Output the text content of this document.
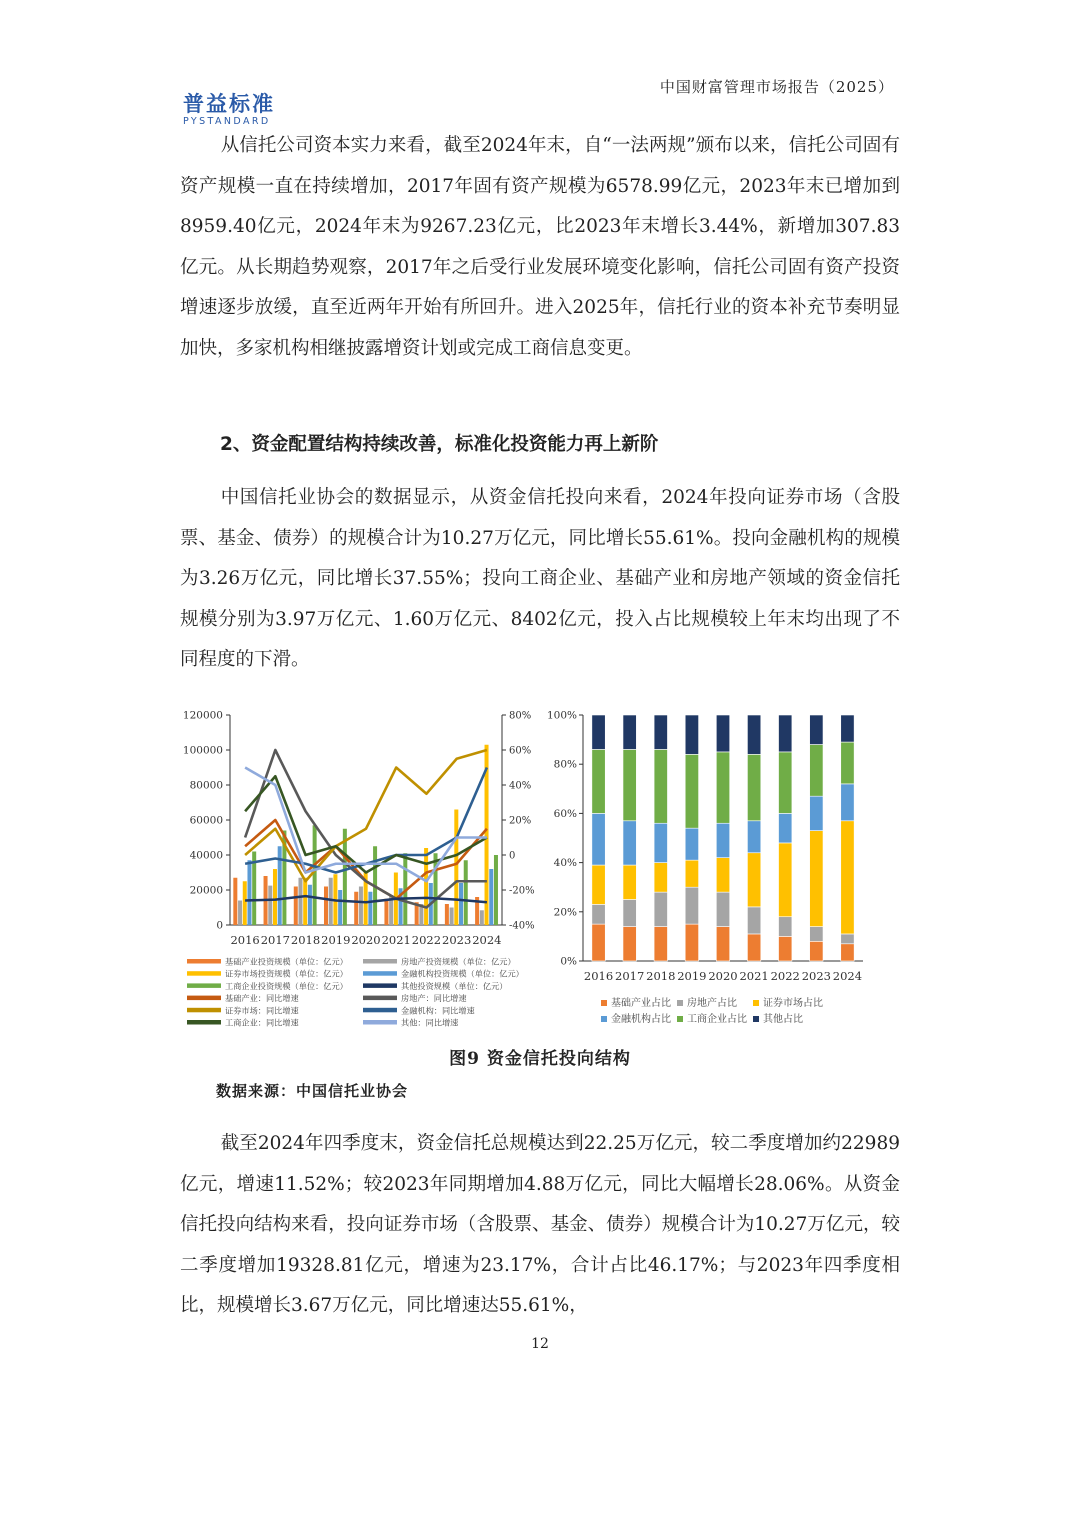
普益标准
PYSTANDARD
中国财富管理市场报告（2025）

从信托公司资本实力来看，截至2024年末，自“一法两规”颁布以来，信托公司固有资产规模一直在持续增加，2017年固有资产规模为6578.99亿元，2023年末已增加到8959.40亿元，2024年末为9267.23亿元，比2023年末增长3.44%，新增加307.83亿元。从长期趋势观察，2017年之后受行业发展环境变化影响，信托公司固有资产投资增速逐步放缓，直至近两年开始有所回升。进入2025年，信托行业的资本补充节奏明显加快，多家机构相继披露增资计划或完成工商信息变更。

2、资金配置结构持续改善，标准化投资能力再上新阶

中国信托业协会的数据显示，从资金信托投向来看，2024年投向证券市场（含股票、基金、债券）的规模合计为10.27万亿元，同比增长55.61%。投向金融机构的规模为3.26万亿元，同比增长37.55%；投向工商企业、基础产业和房地产领域的资金信托规模分别为3.97万亿元、1.60万亿元、8402亿元，投入占比规模较上年末均出现了不同程度的下滑。

0
20000
40000
60000
80000
100000
120000
-40%
-20%
0
20%
40%
60%
80%
2016 2017 2018 2019 2020 2021 2022 2023 2024
基础产业投资规模（单位：亿元）	房地产投资规模（单位：亿元）
证券市场投资规模（单位：亿元）	金融机构投资规模（单位：亿元）
工商企业投资规模（单位：亿元）	其他投资规模（单位：亿元）
基础产业：同比增速	房地产：同比增速
证券市场：同比增速	金融机构：同比增速
工商企业：同比增速	其他：同比增速
0%
20%
40%
60%
80%
100%
2016 2017 2018 2019 2020 2021 2022 2023 2024
基础产业占比 房地产占比	证券市场占比
金融机构占比 工商企业占比 其他占比
图9 资金信托投向结构
数据来源：中国信托业协会

截至2024年四季度末，资金信托总规模达到22.25万亿元，较二季度增加约22989亿元，增速11.52%；较2023年同期增加4.88万亿元，同比大幅增长28.06%。从资金信托投向结构来看，投向证券市场（含股票、基金、债券）规模合计为10.27万亿元，较二季度增加19328.81亿元，增速为23.17%，合计占比46.17%；与2023年四季度相比，规模增长3.67万亿元，同比增速达55.61%，

12
